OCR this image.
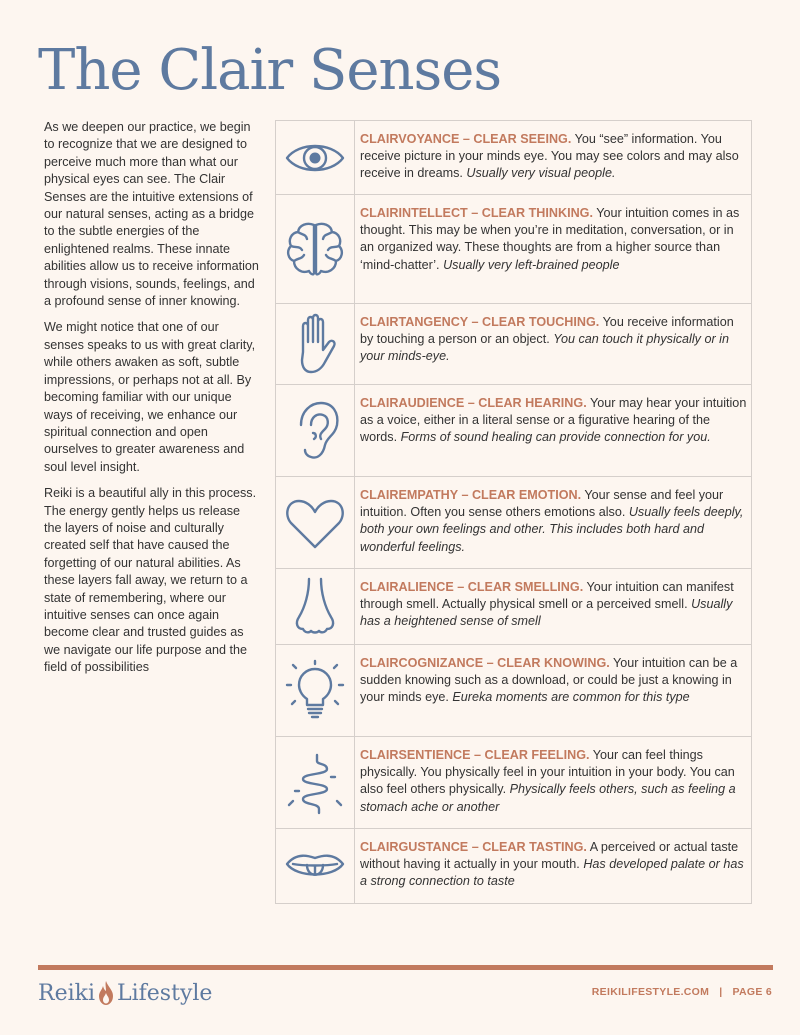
The Clair Senses

As we deepen our practice, we begin to recognize that we are designed to perceive much more than what our physical eyes can see. The Clair Senses are the intuitive extensions of our natural senses, acting as a bridge to the subtle energies of the enlightened realms. These innate abilities allow us to receive information through visions, sounds, feelings, and a profound sense of inner knowing.

We might notice that one of our senses speaks to us with great clarity, while others awaken as soft, subtle impressions, or perhaps not at all. By becoming familiar with our unique ways of receiving, we enhance our spiritual connection and open ourselves to greater awareness and soul level insight.

Reiki is a beautiful ally in this process. The energy gently helps us release the layers of noise and culturally created self that have caused the forgetting of our natural abilities. As these layers fall away, we return to a state of remembering, where our intuitive senses can once again become clear and trusted guides as we navigate our life purpose and the field of possibilities

CLAIRVOYANCE – CLEAR SEEING. You “see” information. You receive picture in your minds eye. You may see colors and may also receive in dreams. Usually very visual people.
CLAIRINTELLECT – CLEAR THINKING. Your intuition comes in as thought. This may be when you’re in meditation, conversation, or in an organized way. These thoughts are from a higher source than ‘mind-chatter’. Usually very left-brained people
CLAIRTANGENCY – CLEAR TOUCHING. You receive information by touching a person or an object. You can touch it physically or in your minds-eye.
CLAIRAUDIENCE – CLEAR HEARING. Your may hear your intuition as a voice, either in a literal sense or a figurative hearing of the words. Forms of sound healing can provide connection for you.
CLAIREMPATHY – CLEAR EMOTION. Your sense and feel your intuition. Often you sense others emotions also. Usually feels deeply, both your own feelings and other. This includes both hard and wonderful feelings.
CLAIRALIENCE – CLEAR SMELLING. Your intuition can manifest through smell. Actually physical smell or a perceived smell. Usually has a heightened sense of smell
CLAIRCOGNIZANCE – CLEAR KNOWING. Your intuition can be a sudden knowing such as a download, or could be just a knowing in your minds eye. Eureka moments are common for this type
CLAIRSENTIENCE – CLEAR FEELING. Your can feel things physically. You physically feel in your intuition in your body. You can also feel others physically. Physically feels others, such as feeling a stomach ache or another
CLAIRGUSTANCE – CLEAR TASTING. A perceived or actual taste without having it actually in your mouth. Has developed palate or has a strong connection to taste
Reiki Lifestyle	REIKILIFESTYLE.COM | PAGE 6
